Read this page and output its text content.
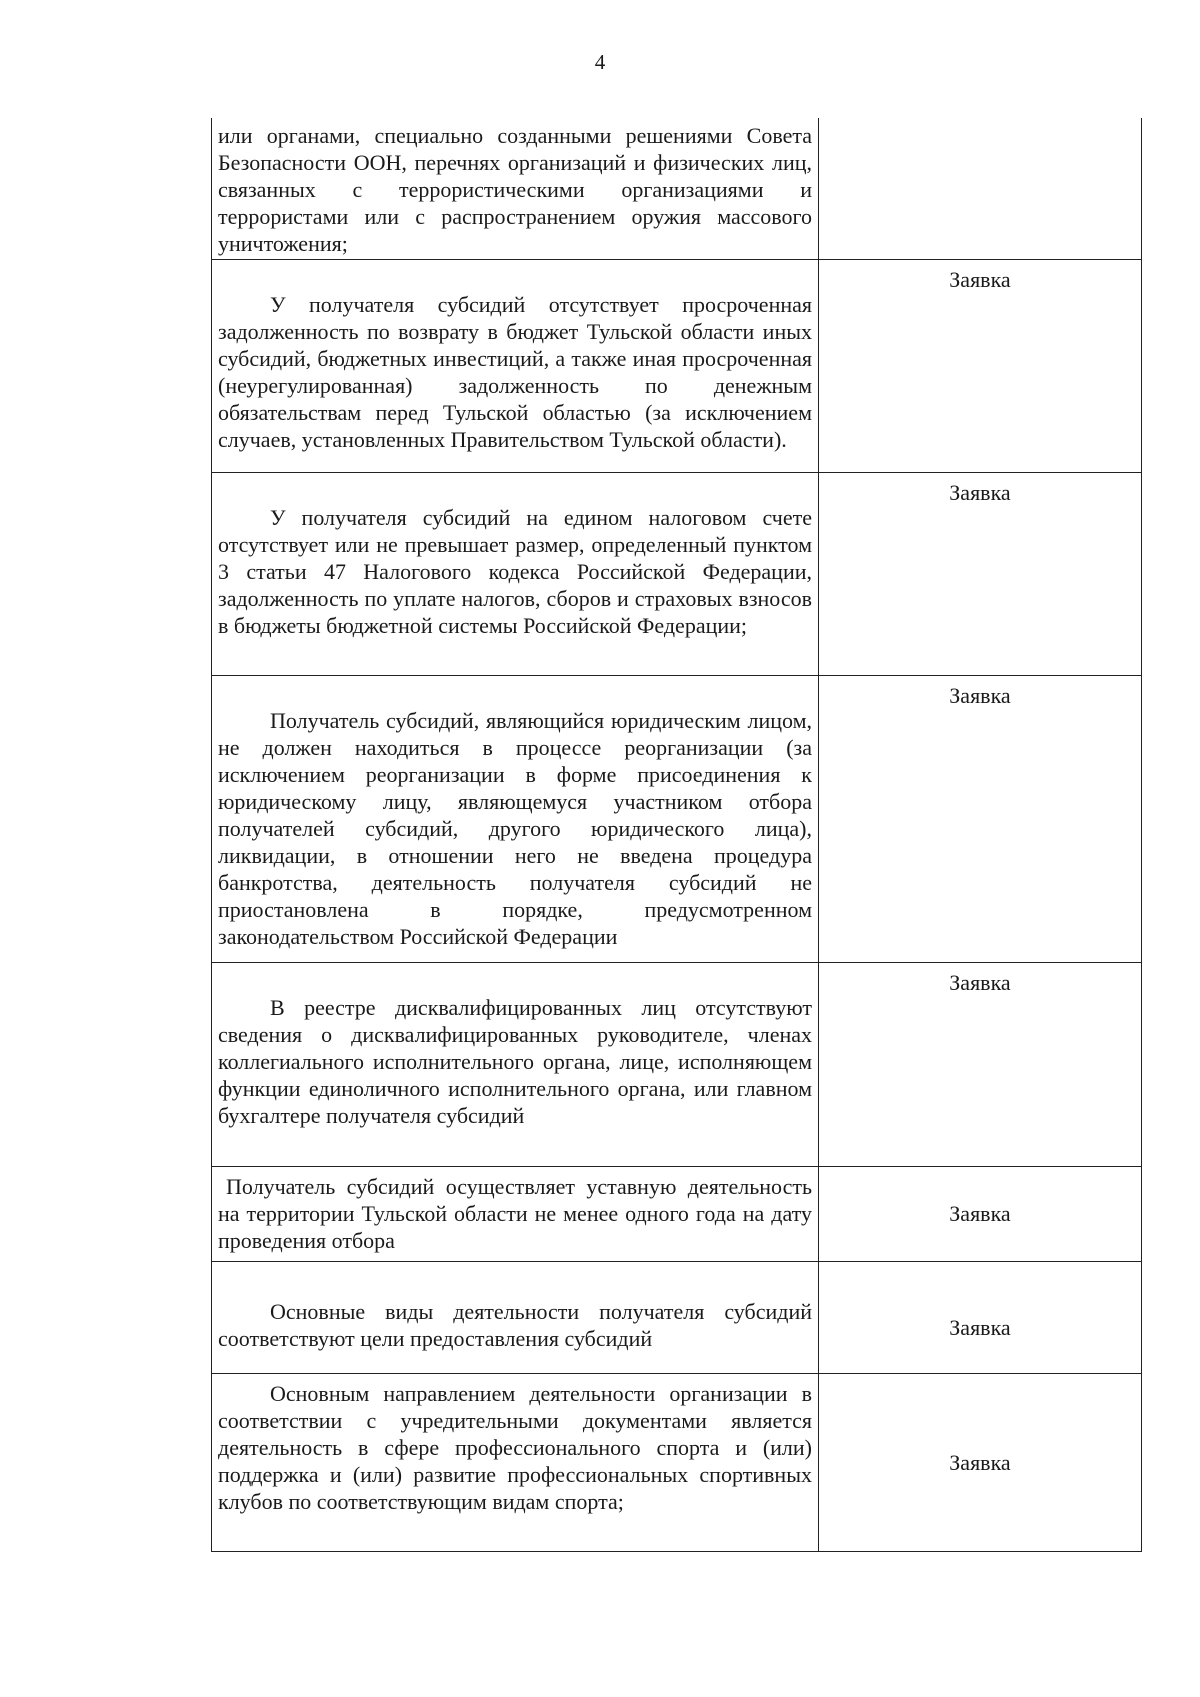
4

или органами, специально созданными решениями Совета Безопасности ООН, перечнях организаций и физических лиц, связанных с террористическими организациями и террористами или с распространением оружия массового уничтожения;	

У получателя субсидий отсутствует просроченная задолженность по возврату в бюджет Тульской области иных субсидий, бюджетных инвестиций, а также иная просроченная (неурегулированная) задолженность по денежным обязательствам перед Тульской областью (за исключением случаев, установленных Правительством Тульской области).	Заявка

У получателя субсидий на едином налоговом счете отсутствует или не превышает размер, определенный пунктом 3 статьи 47 Налогового кодекса Российской Федерации, задолженность по уплате налогов, сборов и страховых взносов в бюджеты бюджетной системы Российской Федерации;	Заявка

Получатель субсидий, являющийся юридическим лицом, не должен находиться в процессе реорганизации (за исключением реорганизации в форме присоединения к юридическому лицу, являющемуся участником отбора получателей субсидий, другого юридического лица), ликвидации, в отношении него не введена процедура банкротства, деятельность получателя субсидий не приостановлена в порядке, предусмотренном законодательством Российской Федерации	Заявка

В реестре дисквалифицированных лиц отсутствуют сведения о дисквалифицированных руководителе, членах коллегиального исполнительного органа, лице, исполняющем функции единоличного исполнительного органа, или главном бухгалтере получателя субсидий	Заявка

Получатель субсидий осуществляет уставную деятельность на территории Тульской области не менее одного года на дату проведения отбора	Заявка

Основные виды деятельности получателя субсидий соответствуют цели предоставления субсидий	Заявка

Основным направлением деятельности организации в соответствии с учредительными документами является деятельность в сфере профессионального спорта и (или) поддержка и (или) развитие профессиональных спортивных клубов по соответствующим видам спорта;	Заявка
